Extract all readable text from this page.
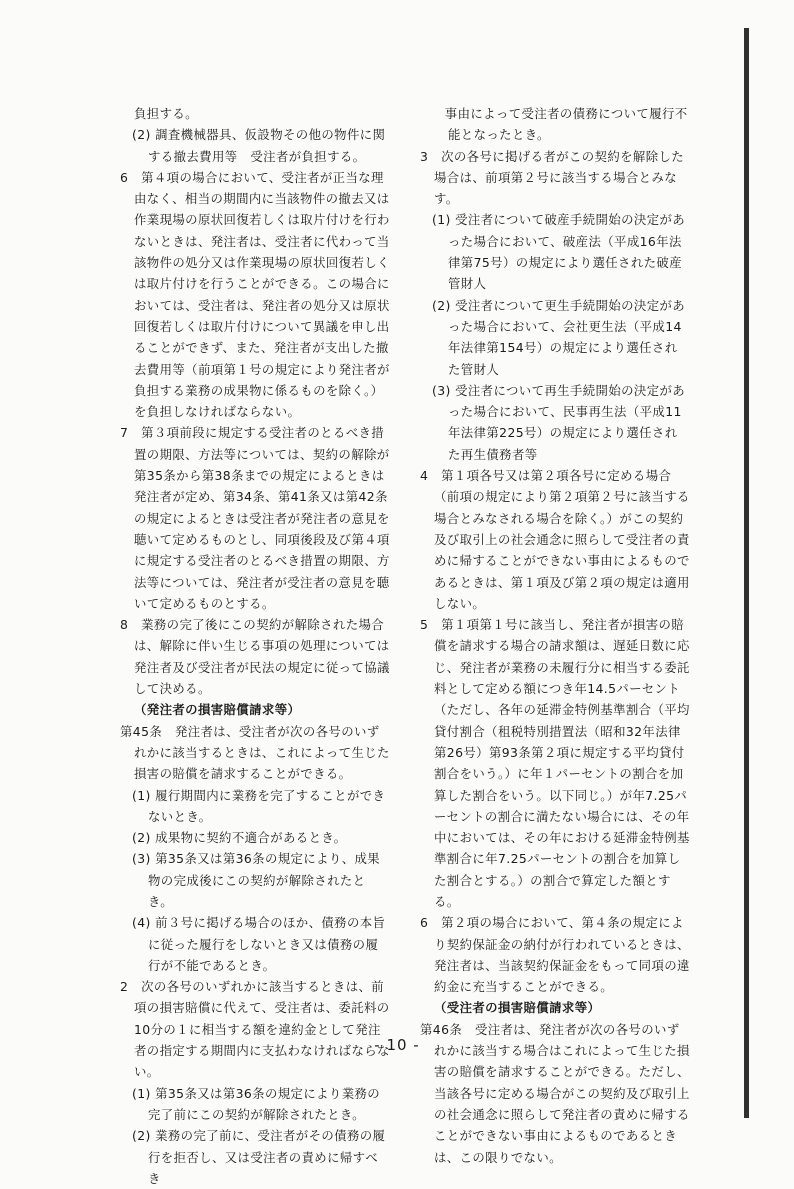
負担する。

(2) 調査機械器具、仮設物その他の物件に関する撤去費用等　受注者が負担する。

6　第４項の場合において、受注者が正当な理由なく、相当の期間内に当該物件の撤去又は作業現場の原状回復若しくは取片付けを行わないときは、発注者は、受注者に代わって当該物件の処分又は作業現場の原状回復若しくは取片付けを行うことができる。この場合においては、受注者は、発注者の処分又は原状回復若しくは取片付けについて異議を申し出ることができず、また、発注者が支出した撤去費用等（前項第１号の規定により発注者が負担する業務の成果物に係るものを除く。）を負担しなければならない。

7　第３項前段に規定する受注者のとるべき措置の期限、方法等については、契約の解除が第35条から第38条までの規定によるときは発注者が定め、第34条、第41条又は第42条の規定によるときは受注者が発注者の意見を聴いて定めるものとし、同項後段及び第４項に規定する受注者のとるべき措置の期限、方法等については、発注者が受注者の意見を聴いて定めるものとする。

8　業務の完了後にこの契約が解除された場合は、解除に伴い生じる事項の処理については発注者及び受注者が民法の規定に従って協議して決める。

（発注者の損害賠償請求等）

第45条　発注者は、受注者が次の各号のいずれかに該当するときは、これによって生じた損害の賠償を請求することができる。

(1) 履行期間内に業務を完了することができないとき。

(2) 成果物に契約不適合があるとき。

(3) 第35条又は第36条の規定により、成果物の完成後にこの契約が解除されたとき。

(4) 前３号に掲げる場合のほか、債務の本旨に従った履行をしないとき又は債務の履行が不能であるとき。

2　次の各号のいずれかに該当するときは、前項の損害賠償に代えて、受注者は、委託料の10分の１に相当する額を違約金として発注者の指定する期間内に支払わなければならない。

(1) 第35条又は第36条の規定により業務の完了前にこの契約が解除されたとき。

(2) 業務の完了前に、受注者がその債務の履行を拒否し、又は受注者の責めに帰すべき

　事由によって受注者の債務について履行不能となったとき。

3　次の各号に掲げる者がこの契約を解除した場合は、前項第２号に該当する場合とみなす。

(1) 受注者について破産手続開始の決定があった場合において、破産法（平成16年法律第75号）の規定により選任された破産管財人

(2) 受注者について更生手続開始の決定があった場合において、会社更生法（平成14年法律第154号）の規定により選任された管財人

(3) 受注者について再生手続開始の決定があった場合において、民事再生法（平成11年法律第225号）の規定により選任された再生債務者等

4　第１項各号又は第２項各号に定める場合（前項の規定により第２項第２号に該当する場合とみなされる場合を除く。）がこの契約及び取引上の社会通念に照らして受注者の責めに帰することができない事由によるものであるときは、第１項及び第２項の規定は適用しない。

5　第１項第１号に該当し、発注者が損害の賠償を請求する場合の請求額は、遅延日数に応じ、発注者が業務の未履行分に相当する委託料として定める額につき年14.5パーセント（ただし、各年の延滞金特例基準割合（平均貸付割合（租税特別措置法（昭和32年法律第26号）第93条第２項に規定する平均貸付割合をいう。）に年１パーセントの割合を加算した割合をいう。以下同じ。）が年7.25パーセントの割合に満たない場合には、その年中においては、その年における延滞金特例基準割合に年7.25パーセントの割合を加算した割合とする。）の割合で算定した額とする。

6　第２項の場合において、第４条の規定により契約保証金の納付が行われているときは、発注者は、当該契約保証金をもって同項の違約金に充当することができる。

（受注者の損害賠償請求等）

第46条　受注者は、発注者が次の各号のいずれかに該当する場合はこれによって生じた損害の賠償を請求することができる。ただし、当該各号に定める場合がこの契約及び取引上の社会通念に照らして発注者の責めに帰することができない事由によるものであるときは、この限りでない。

- 10 -
